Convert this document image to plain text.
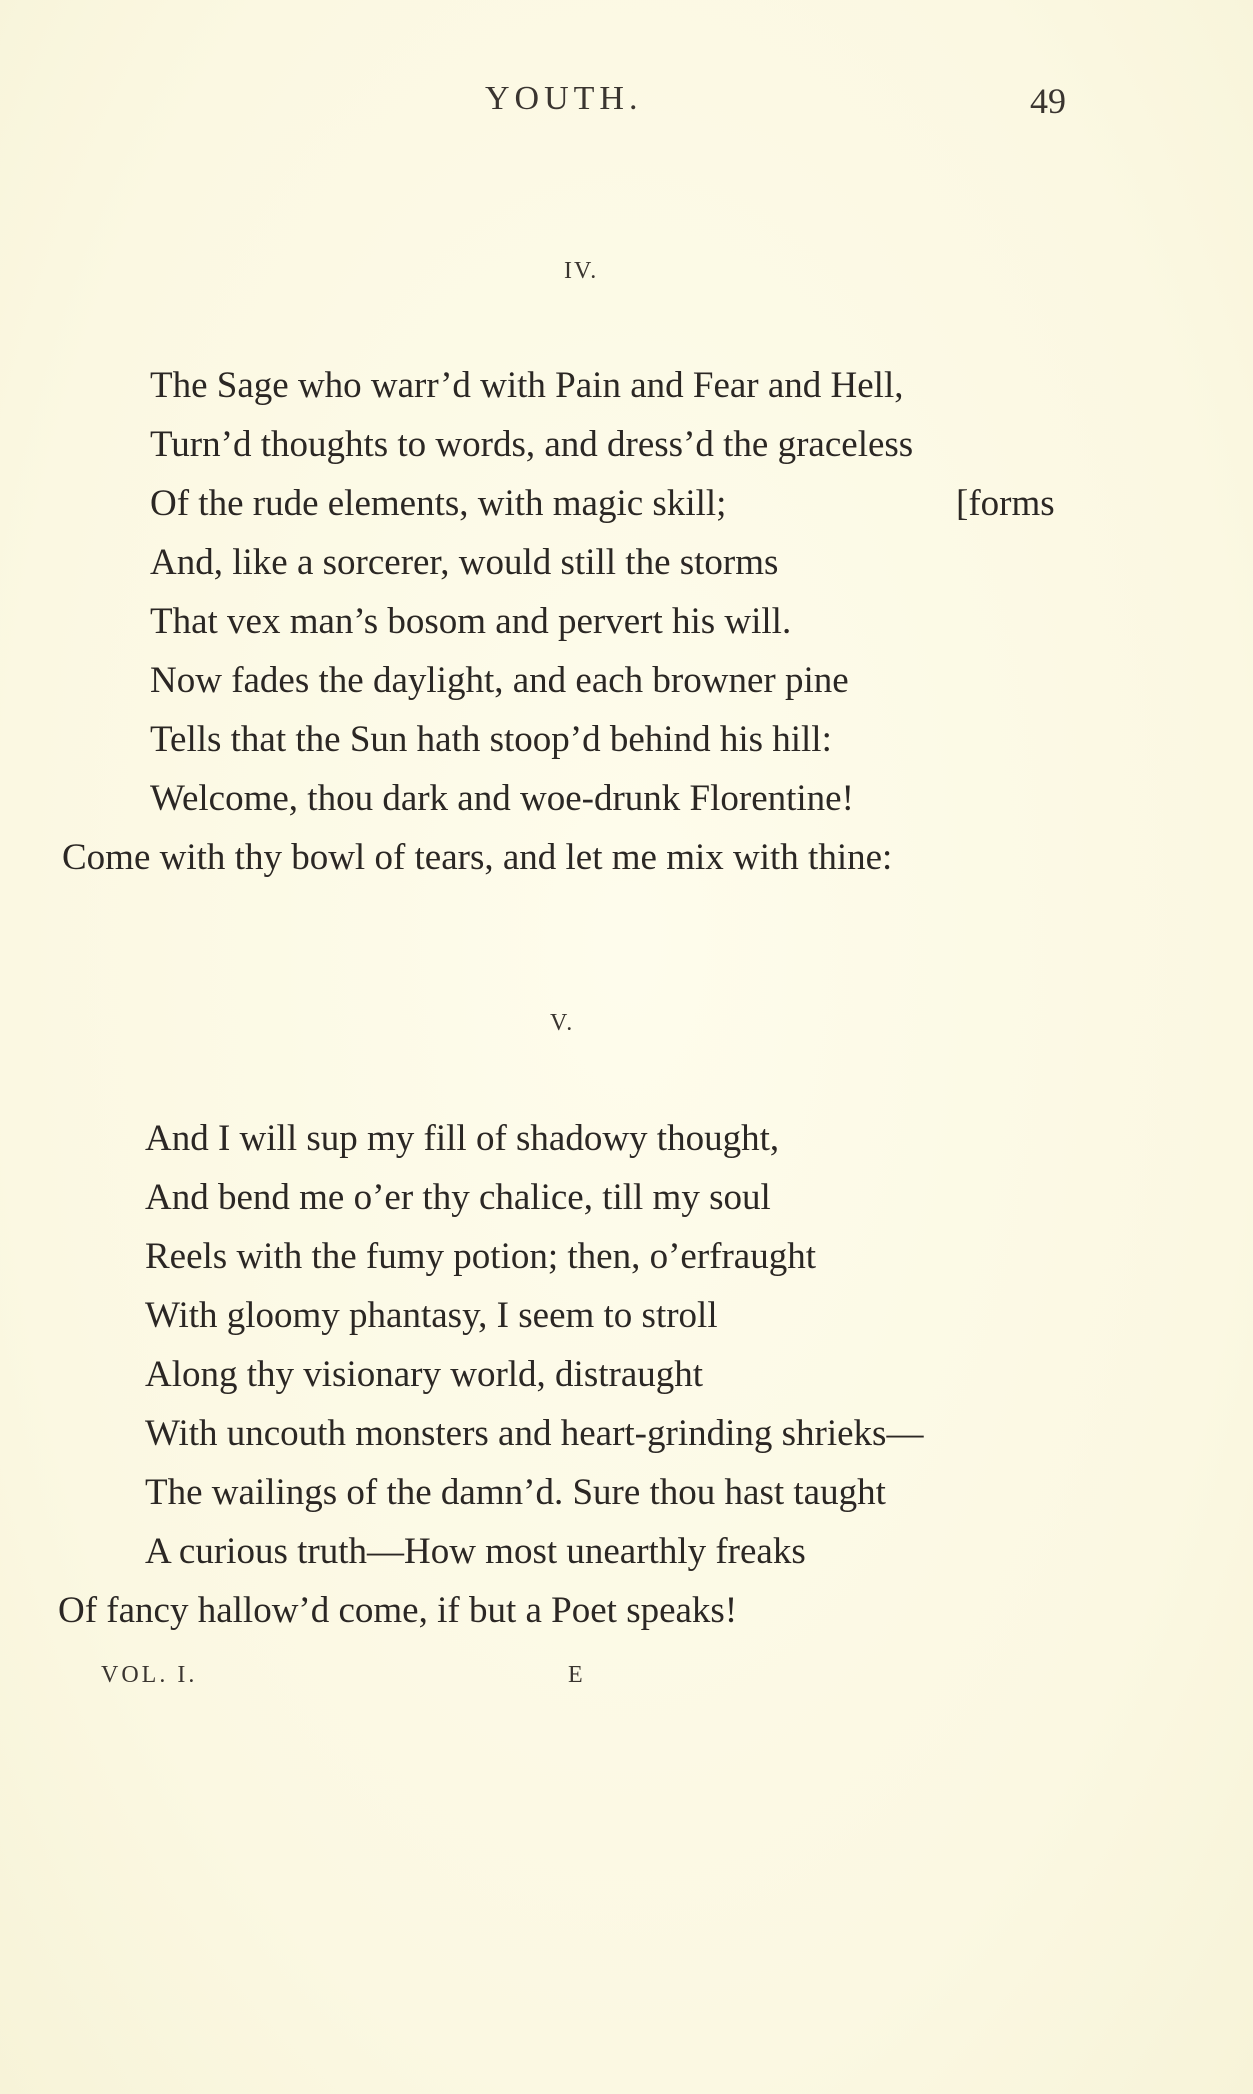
YOUTH.	49
IV.
The Sage who warr’d with Pain and Fear and Hell,
Turn’d thoughts to words, and dress’d the graceless
Of the rude elements, with magic skill;	[forms
And, like a sorcerer, would still the storms
That vex man’s bosom and pervert his will.
Now fades the daylight, and each browner pine
Tells that the Sun hath stoop’d behind his hill:
Welcome, thou dark and woe-drunk Florentine!
Come with thy bowl of tears, and let me mix with thine:
V.
And I will sup my fill of shadowy thought,
And bend me o’er thy chalice, till my soul
Reels with the fumy potion; then, o’erfraught
With gloomy phantasy, I seem to stroll
Along thy visionary world, distraught
With uncouth monsters and heart-grinding shrieks—
The wailings of the damn’d. Sure thou hast taught
A curious truth—How most unearthly freaks
Of fancy hallow’d come, if but a Poet speaks!
VOL. I.	E
